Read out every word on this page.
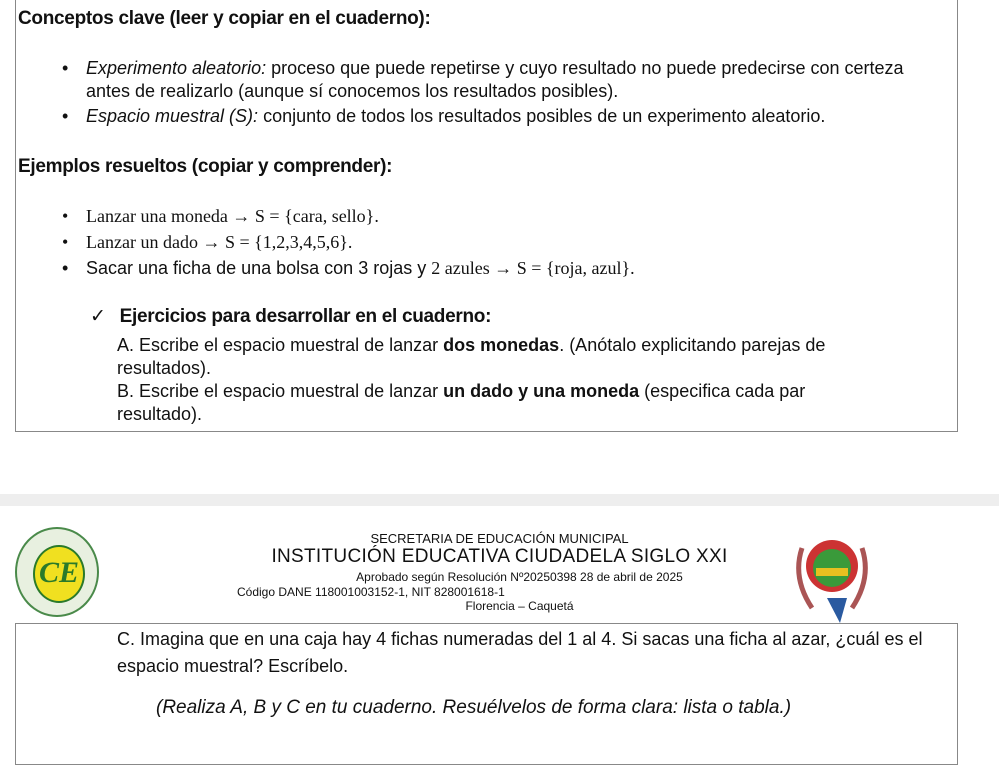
Conceptos clave (leer y copiar en el cuaderno):
• Experimento aleatorio: proceso que puede repetirse y cuyo resultado no puede predecirse con certeza antes de realizarlo (aunque sí conocemos los resultados posibles).
• Espacio muestral (S): conjunto de todos los resultados posibles de un experimento aleatorio.
Ejemplos resueltos (copiar y comprender):
• Lanzar una moneda → S = {cara, sello}.
• Lanzar un dado → S = {1,2,3,4,5,6}.
• Sacar una ficha de una bolsa con 3 rojas y 2 azules → S = {roja, azul}.
✓ Ejercicios para desarrollar en el cuaderno:
A. Escribe el espacio muestral de lanzar dos monedas. (Anótalo explicitando parejas de resultados).
B. Escribe el espacio muestral de lanzar un dado y una moneda (especifica cada par resultado).
CE
SECRETARIA DE EDUCACIÓN MUNICIPAL
INSTITUCIÓN EDUCATIVA CIUDADELA SIGLO XXI
Aprobado según Resolución Nº20250398 28 de abril de 2025
Código DANE 118001003152-1, NIT 828001618-1
Florencia – Caquetá
C. Imagina que en una caja hay 4 fichas numeradas del 1 al 4. Si sacas una ficha al azar, ¿cuál es el espacio muestral? Escríbelo.
(Realiza A, B y C en tu cuaderno. Resuélvelos de forma clara: lista o tabla.)
